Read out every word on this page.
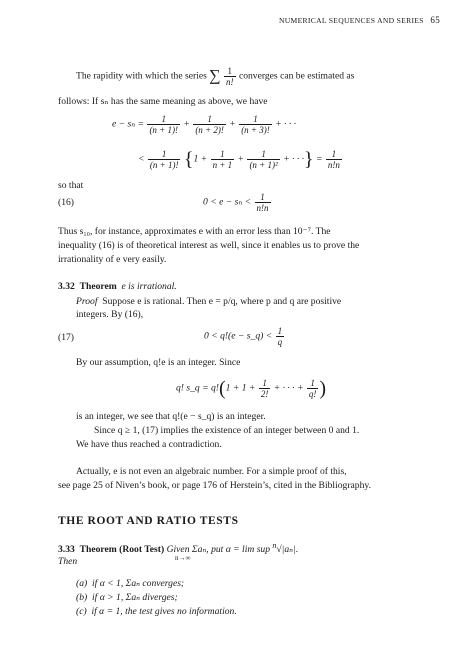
NUMERICAL SEQUENCES AND SERIES 65
The rapidity with which the series ∑ $\frac{1}{n!}$ converges can be estimated as
follows: If sₙ has the same meaning as above, we have
$e - s_n = \frac{1}{(n + 1)!} + \frac{1}{(n + 2)!} + \frac{1}{(n + 3)!}$ + · · ·
< $\frac{1}{(n + 1)!} \{1 + \frac{1}{n + 1} + \frac{1}{\text{(n + 1)²}}$ + · · ·} = $\frac{1}{n!n}$
so that
(16)	$0 < e - s_n < \frac{1}{n!n}$
Thus s₁₀, for instance, approximates e with an error less than 10⁻⁷. The
inequality (16) is of theoretical interest as well, since it enables us to prove the
irrationality of e very easily.
3.32 Theorem e is irrational.
Proof Suppose e is rational. Then e = p/q, where p and q are positive
integers. By (16),
(17)	0 < q!(e − s_q) < $\frac{1}{q}$
By our assumption, q!e is an integer. Since
q! s_q = $q!(1 + 1 + \frac{1}{2!}$ + · · · + $\frac{1}{q!}$ )
is an integer, we see that q!(e − s_q) is an integer.
Since q ≥ 1, (17) implies the existence of an integer between 0 and 1.
We have thus reached a contradiction.
Actually, e is not even an algebraic number. For a simple proof of this,
see page 25 of Niven’s book, or page 176 of Herstein’s, cited in the Bibliography.
THE ROOT AND RATIO TESTS
3.33 Theorem (Root Test) Given Σaₙ, put α = lim sup $^n$√|aₙ|.
n→∞
Then
(a) if α < 1, Σaₙ converges;
(b) if α > 1, Σaₙ diverges;
(c) if α = 1, the test gives no information.
